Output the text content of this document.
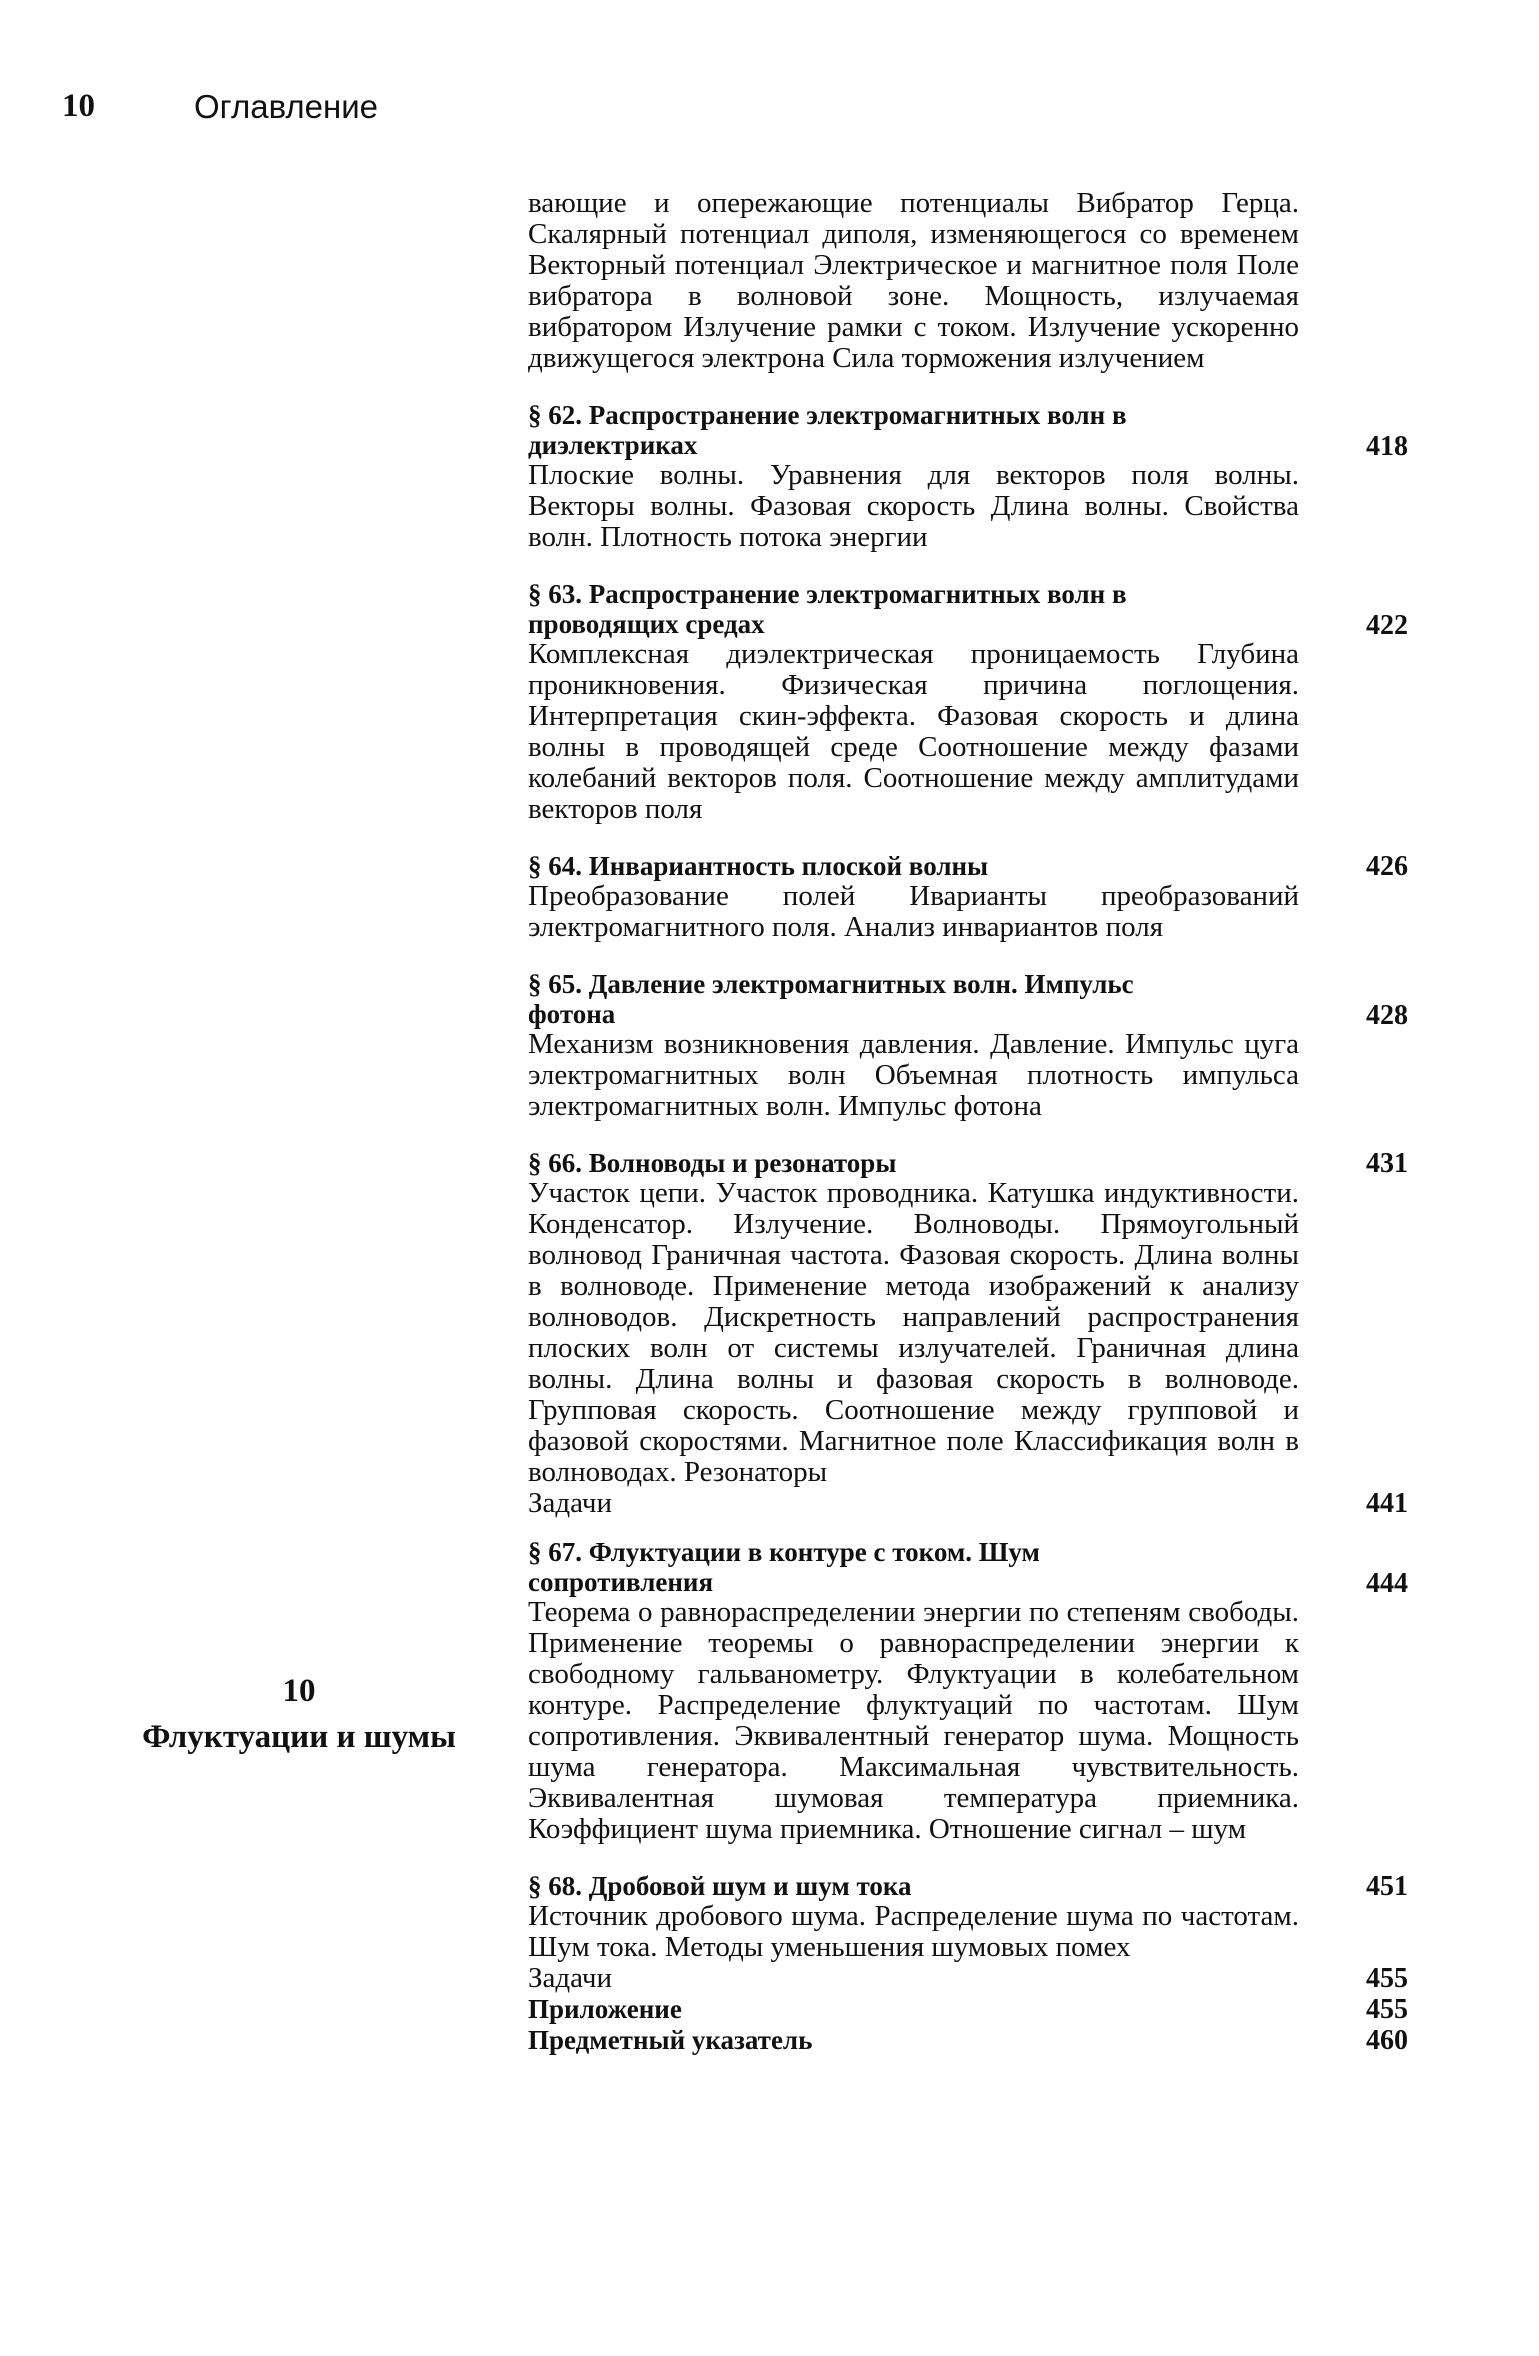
10	Оглавление
10
Флуктуации и шумы
вающие и опережающие потенциалы Вибратор Герца. Скалярный потенциал диполя, изменяющегося со временем Векторный потенциал Электрическое и магнитное поля Поле вибратора в волновой зоне. Мощность, излучаемая вибратором Излучение рамки с током. Излучение ускоренно движущегося электрона Сила торможения излучением
§ 62. Распространение электромагнитных волн в диэлектриках	418
Плоские волны. Уравнения для векторов поля волны. Векторы волны. Фазовая скорость Длина волны. Свойства волн. Плотность потока энергии
§ 63. Распространение электромагнитных волн в проводящих средах	422
Комплексная диэлектрическая проницаемость Глубина проникновения. Физическая причина поглощения. Интерпретация скин-эффекта. Фазовая скорость и длина волны в проводящей среде Соотношение между фазами колебаний векторов поля. Соотношение между амплитудами векторов поля
§ 64. Инвариантность плоской волны	426
Преобразование полей Иварианты преобразований электромагнитного поля. Анализ инвариантов поля
§ 65. Давление электромагнитных волн. Импульс фотона	428
Механизм возникновения давления. Давление. Импульс цуга электромагнитных волн Объемная плотность импульса электромагнитных волн. Импульс фотона
§ 66. Волноводы и резонаторы	431
Участок цепи. Участок проводника. Катушка индуктивности. Конденсатор. Излучение. Волноводы. Прямоугольный волновод Граничная частота. Фазовая скорость. Длина волны в волноводе. Применение метода изображений к анализу волноводов. Дискретность направлений распространения плоских волн от системы излучателей. Граничная длина волны. Длина волны и фазовая скорость в волноводе. Групповая скорость. Соотношение между групповой и фазовой скоростями. Магнитное поле Классификация волн в волноводах. Резонаторы
Задачи	441
§ 67. Флуктуации в контуре с током. Шум сопротивления	444
Теорема о равнораспределении энергии по степеням свободы. Применение теоремы о равнораспределении энергии к свободному гальванометру. Флуктуации в колебательном контуре. Распределение флуктуаций по частотам. Шум сопротивления. Эквивалентный генератор шума. Мощность шума генератора. Максимальная чувствительность. Эквивалентная шумовая температура приемника. Коэффициент шума приемника. Отношение сигнал – шум
§ 68. Дробовой шум и шум тока	451
Источник дробового шума. Распределение шума по частотам. Шум тока. Методы уменьшения шумовых помех
Задачи	455
Приложение	455
Предметный указатель	460
